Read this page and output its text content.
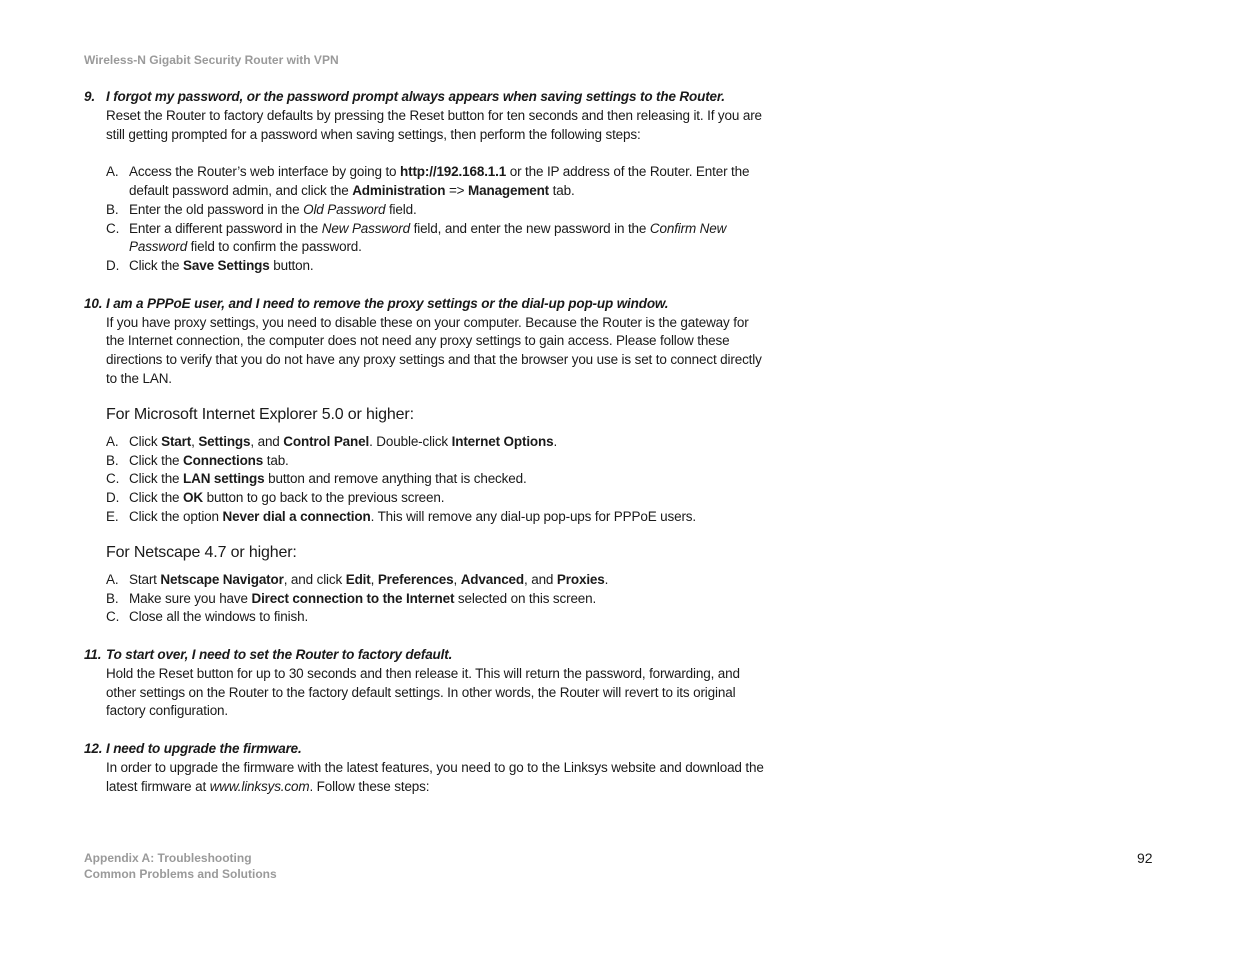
Wireless-N Gigabit Security Router with VPN
9. I forgot my password, or the password prompt always appears when saving settings to the Router.
Reset the Router to factory defaults by pressing the Reset button for ten seconds and then releasing it. If you are still getting prompted for a password when saving settings, then perform the following steps:
A. Access the Router’s web interface by going to http://192.168.1.1 or the IP address of the Router. Enter the default password admin, and click the Administration => Management tab.
B. Enter the old password in the Old Password field.
C. Enter a different password in the New Password field, and enter the new password in the Confirm New Password field to confirm the password.
D. Click the Save Settings button.
10. I am a PPPoE user, and I need to remove the proxy settings or the dial-up pop-up window.
If you have proxy settings, you need to disable these on your computer. Because the Router is the gateway for the Internet connection, the computer does not need any proxy settings to gain access. Please follow these directions to verify that you do not have any proxy settings and that the browser you use is set to connect directly to the LAN.
For Microsoft Internet Explorer 5.0 or higher:
A. Click Start, Settings, and Control Panel. Double-click Internet Options.
B. Click the Connections tab.
C. Click the LAN settings button and remove anything that is checked.
D. Click the OK button to go back to the previous screen.
E. Click the option Never dial a connection. This will remove any dial-up pop-ups for PPPoE users.
For Netscape 4.7 or higher:
A. Start Netscape Navigator, and click Edit, Preferences, Advanced, and Proxies.
B. Make sure you have Direct connection to the Internet selected on this screen.
C. Close all the windows to finish.
11. To start over, I need to set the Router to factory default.
Hold the Reset button for up to 30 seconds and then release it. This will return the password, forwarding, and other settings on the Router to the factory default settings. In other words, the Router will revert to its original factory configuration.
12. I need to upgrade the firmware.
In order to upgrade the firmware with the latest features, you need to go to the Linksys website and download the latest firmware at www.linksys.com. Follow these steps:
Appendix A: Troubleshooting
Common Problems and Solutions
92
